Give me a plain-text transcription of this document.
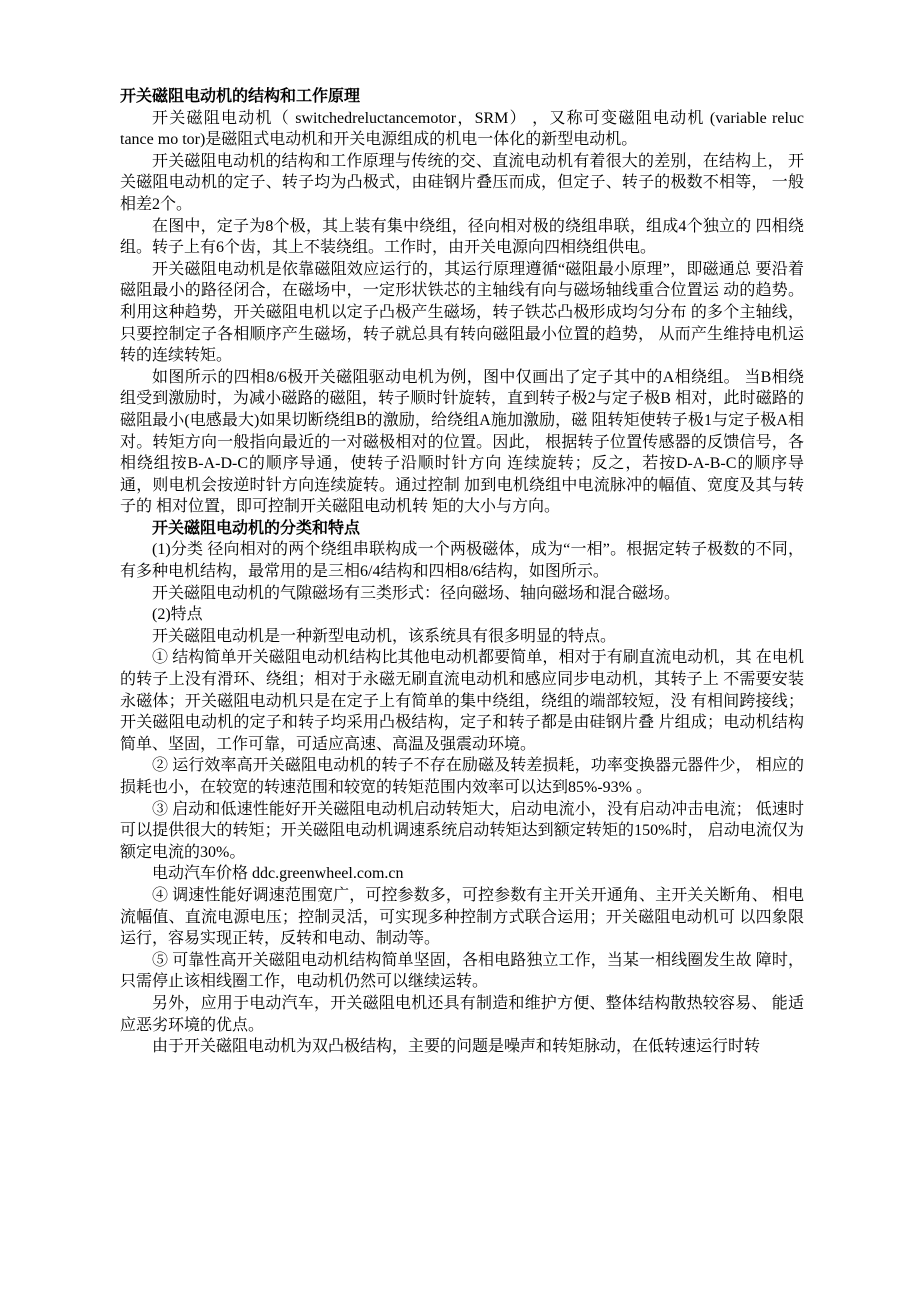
开关磁阻电动机的结构和工作原理

开关磁阻电动机（ switchedreluctancemotor，SRM） ，又称可变磁阻电动机 (variable reluc tance mo tor)是磁阻式电动机和开关电源组成的机电一体化的新型电动机。

开关磁阻电动机的结构和工作原理与传统的交、直流电动机有着很大的差别，在结构上， 开关磁阻电动机的定子、转子均为凸极式，由硅钢片叠压而成，但定子、转子的极数不相等， 一般相差2个。

在图中，定子为8个极，其上装有集中绕组，径向相对极的绕组串联，组成4个独立的 四相绕组。转子上有6个齿，其上不装绕组。工作时，由开关电源向四相绕组供电。

开关磁阻电动机是依靠磁阻效应运行的，其运行原理遵循“磁阻最小原理”，即磁通总 要沿着磁阻最小的路径闭合，在磁场中，一定形状铁芯的主轴线有向与磁场轴线重合位置运 动的趋势。利用这种趋势，开关磁阻电机以定子凸极产生磁场，转子铁芯凸极形成均匀分布 的多个主轴线，只要控制定子各相顺序产生磁场，转子就总具有转向磁阻最小位置的趋势， 从而产生维持电机运转的连续转矩。

如图所示的四相8/6极开关磁阻驱动电机为例，图中仅画出了定子其中的A相绕组。 当B相绕组受到激励时，为减小磁路的磁阻，转子顺时针旋转，直到转子极2与定子极B 相对，此时磁路的磁阻最小(电感最大)如果切断绕组B的激励，给绕组A施加激励，磁 阻转矩使转子极1与定子极A相对。转矩方向一般指向最近的一对磁极相对的位置。因此， 根据转子位置传感器的反馈信号，各相绕组按B-A-D-C的顺序导通，使转子沿顺时针方向 连续旋转；反之，若按D-A-B-C的顺序导通，则电机会按逆时针方向连续旋转。通过控制 加到电机绕组中电流脉冲的幅值、宽度及其与转子的 相对位置，即可控制开关磁阻电动机转 矩的大小与方向。

开关磁阻电动机的分类和特点

(1)分类 径向相对的两个绕组串联构成一个两极磁体，成为“一相”。根据定转子极数的不同， 有多种电机结构，最常用的是三相6/4结构和四相8/6结构，如图所示。

开关磁阻电动机的气隙磁场有三类形式：径向磁场、轴向磁场和混合磁场。

(2)特点

开关磁阻电动机是一种新型电动机，该系统具有很多明显的特点。

① 结构简单开关磁阻电动机结构比其他电动机都要简单，相对于有刷直流电动机，其 在电机的转子上没有滑环、绕组；相对于永磁无刷直流电动机和感应同步电动机，其转子上 不需要安装永磁体；开关磁阻电动机只是在定子上有简单的集中绕组，绕组的端部较短，没 有相间跨接线；开关磁阻电动机的定子和转子均采用凸极结构，定子和转子都是由硅钢片叠 片组成；电动机结构简单、坚固，工作可靠，可适应高速、高温及强震动环境。

② 运行效率高开关磁阻电动机的转子不存在励磁及转差损耗，功率变换器元器件少， 相应的损耗也小，在较宽的转速范围和较宽的转矩范围内效率可以达到85%-93% 。

③ 启动和低速性能好开关磁阻电动机启动转矩大，启动电流小，没有启动冲击电流； 低速时可以提供很大的转矩；开关磁阻电动机调速系统启动转矩达到额定转矩的150%时， 启动电流仅为额定电流的30%。

电动汽车价格 ddc.greenwheel.com.cn

④ 调速性能好调速范围宽广，可控参数多，可控参数有主开关开通角、主开关关断角、 相电流幅值、直流电源电压；控制灵活，可实现多种控制方式联合运用；开关磁阻电动机可 以四象限运行，容易实现正转，反转和电动、制动等。

⑤ 可靠性高开关磁阻电动机结构简单坚固，各相电路独立工作，当某一相线圈发生故 障时，只需停止该相线圈工作，电动机仍然可以继续运转。

另外，应用于电动汽车，开关磁阻电机还具有制造和维护方便、整体结构散热较容易、 能适应恶劣环境的优点。

由于开关磁阻电动机为双凸极结构，主要的问题是噪声和转矩脉动，在低转速运行时转
